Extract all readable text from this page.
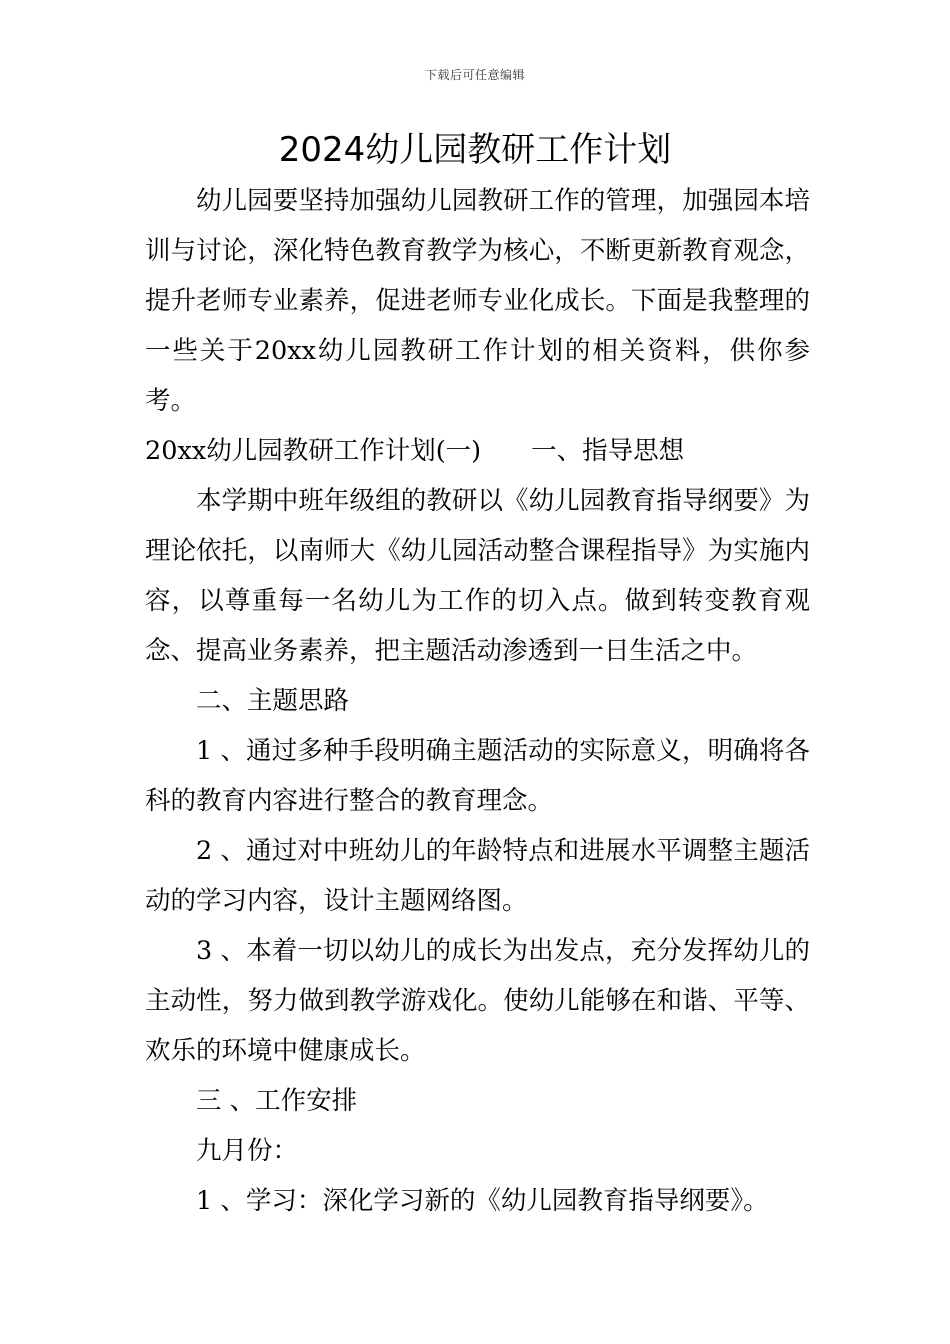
下载后可任意编辑
2024幼儿园教研工作计划

幼儿园要坚持加强幼儿园教研工作的管理，加强园本培训与讨论，深化特色教育教学为核心，不断更新教育观念，提升老师专业素养，促进老师专业化成长。下面是我整理的一些关于20xx幼儿园教研工作计划的相关资料，供你参考。

20xx幼儿园教研工作计划(一) 一、指导思想

本学期中班年级组的教研以《幼儿园教育指导纲要》为理论依托，以南师大《幼儿园活动整合课程指导》为实施内容，以尊重每一名幼儿为工作的切入点。做到转变教育观念、提高业务素养，把主题活动渗透到一日生活之中。

二、主题思路

1 、通过多种手段明确主题活动的实际意义，明确将各科的教育内容进行整合的教育理念。

2 、通过对中班幼儿的年龄特点和进展水平调整主题活动的学习内容，设计主题网络图。

3 、本着一切以幼儿的成长为出发点，充分发挥幼儿的主动性，努力做到教学游戏化。使幼儿能够在和谐、平等、欢乐的环境中健康成长。

三 、工作安排

九月份：

1 、学习：深化学习新的《幼儿园教育指导纲要》。
